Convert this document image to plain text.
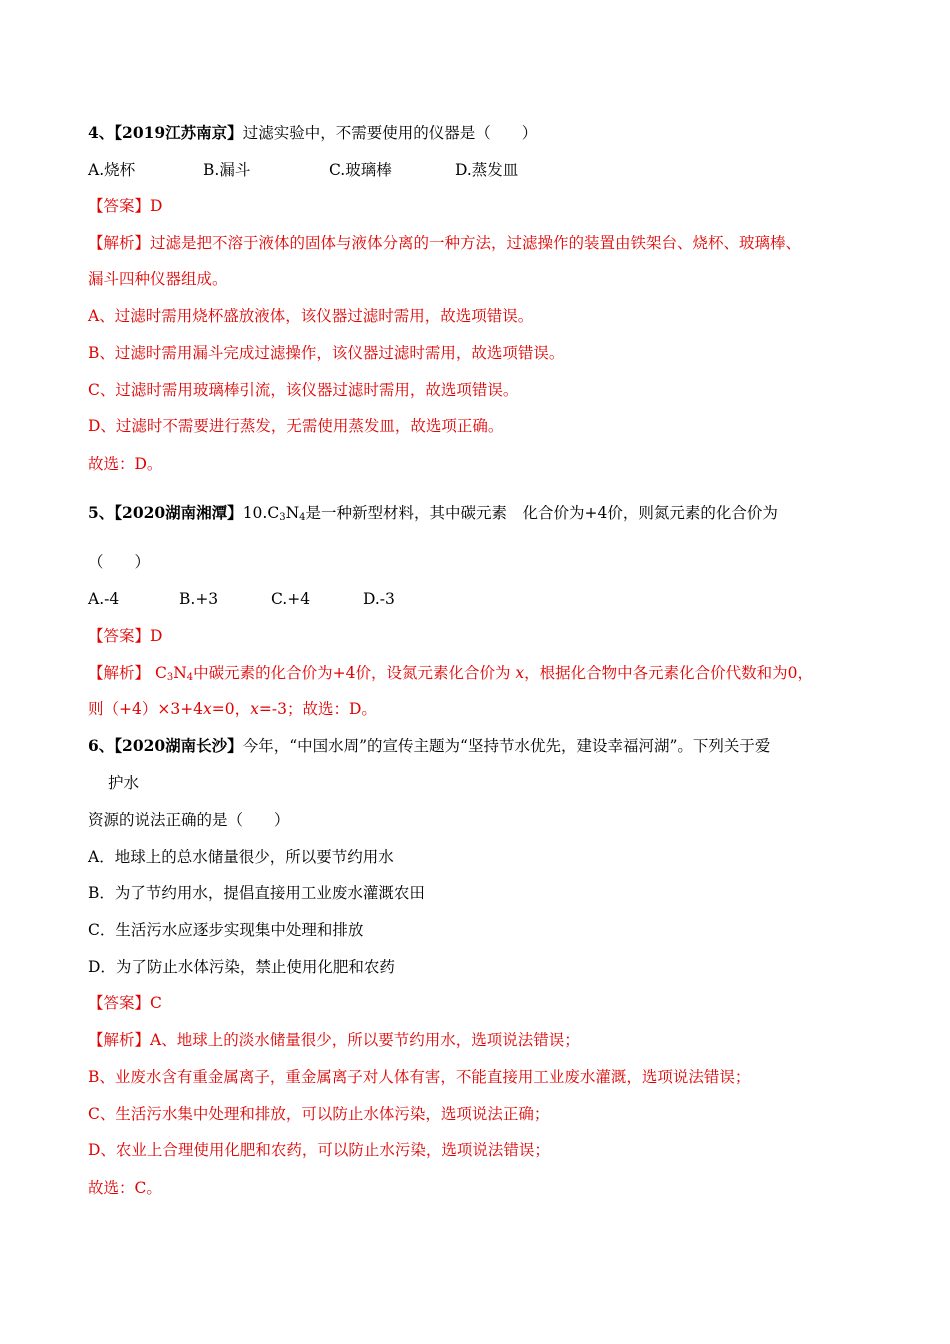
4、【2019江苏南京】过滤实验中，不需要使用的仪器是（　　）
A.烧杯	B.漏斗	C.玻璃棒	D.蒸发皿
【答案】D
【解析】过滤是把不溶于液体的固体与液体分离的一种方法，过滤操作的装置由铁架台、烧杯、玻璃棒、
漏斗四种仪器组成。
A、过滤时需用烧杯盛放液体，该仪器过滤时需用，故选项错误。
B、过滤时需用漏斗完成过滤操作，该仪器过滤时需用，故选项错误。
C、过滤时需用玻璃棒引流，该仪器过滤时需用，故选项错误。
D、过滤时不需要进行蒸发，无需使用蒸发皿，故选项正确。
故选：D。
5、【2020湖南湘潭】$10.C_3N_4$是一种新型材料，其中碳元素　化合价为+4价，则氮元素的化合价为
（　　）
A.-4	B.+3	C.+4	D.-3
【答案】D
【解析】 $C_3N_4$中碳元素的化合价为+4价，设氮元素化合价为 x，根据化合物中各元素化合价代数和为0，
则（+4）×3+4x=0，x=-3；故选：D。
6、【2020湖南长沙】今年，“中国水周”的宣传主题为“坚持节水优先，建设幸福河湖”。下列关于爱
护水
资源的说法正确的是（　　）
A．地球上的总水储量很少，所以要节约用水
B．为了节约用水，提倡直接用工业废水灌溉农田
C．生活污水应逐步实现集中处理和排放
D．为了防止水体污染，禁止使用化肥和农药
【答案】C
【解析】A、地球上的淡水储量很少，所以要节约用水，选项说法错误；
B、业废水含有重金属离子，重金属离子对人体有害，不能直接用工业废水灌溉，选项说法错误；
C、生活污水集中处理和排放，可以防止水体污染，选项说法正确；
D、农业上合理使用化肥和农药，可以防止水污染，选项说法错误；
故选：C。
